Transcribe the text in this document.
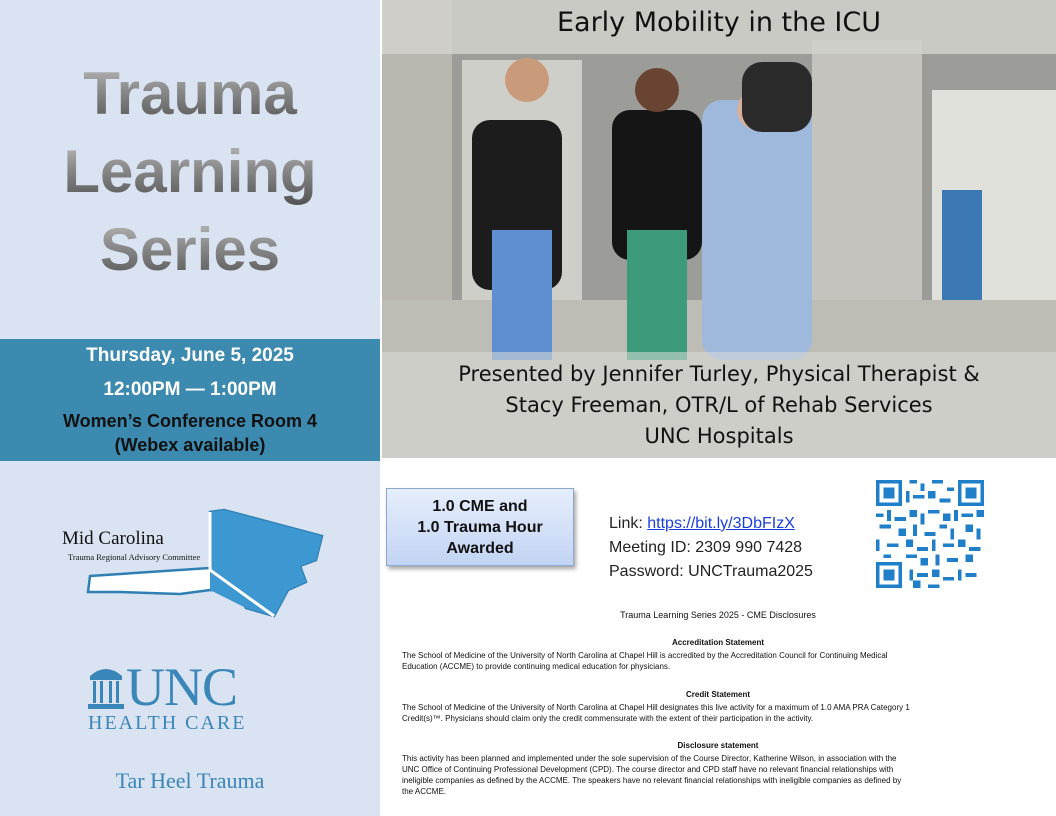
Trauma
Learning
Series
Thursday, June 5, 2025
12:00PM — 1:00PM
Women’s Conference Room 4
(Webex available)
Mid Carolina
Trauma Regional Advisory Committee
UNC
HEALTH CARE
Tar Heel Trauma
Early Mobility in the ICU
Presented by Jennifer Turley, Physical Therapist &
Stacy Freeman, OTR/L of Rehab Services
UNC Hospitals
1.0 CME and
1.0 Trauma Hour
Awarded
Link: https://bit.ly/3DbFIzX
Meeting ID: 2309 990 7428
Password: UNCTrauma2025
Trauma Learning Series 2025 - CME Disclosures
Accreditation Statement
The School of Medicine of the University of North Carolina at Chapel Hill is accredited by the Accreditation Council for Continuing Medical
Education (ACCME) to provide continuing medical education for physicians.
Credit Statement
The School of Medicine of the University of North Carolina at Chapel Hill designates this live activity for a maximum of 1.0 AMA PRA Category 1
Credit(s)™. Physicians should claim only the credit commensurate with the extent of their participation in the activity.
Disclosure statement
This activity has been planned and implemented under the sole supervision of the Course Director, Katherine Wilson, in association with the
UNC Office of Continuing Professional Development (CPD). The course director and CPD staff have no relevant financial relationships with
ineligible companies as defined by the ACCME. The speakers have no relevant financial relationships with ineligible companies as defined by
the ACCME.
